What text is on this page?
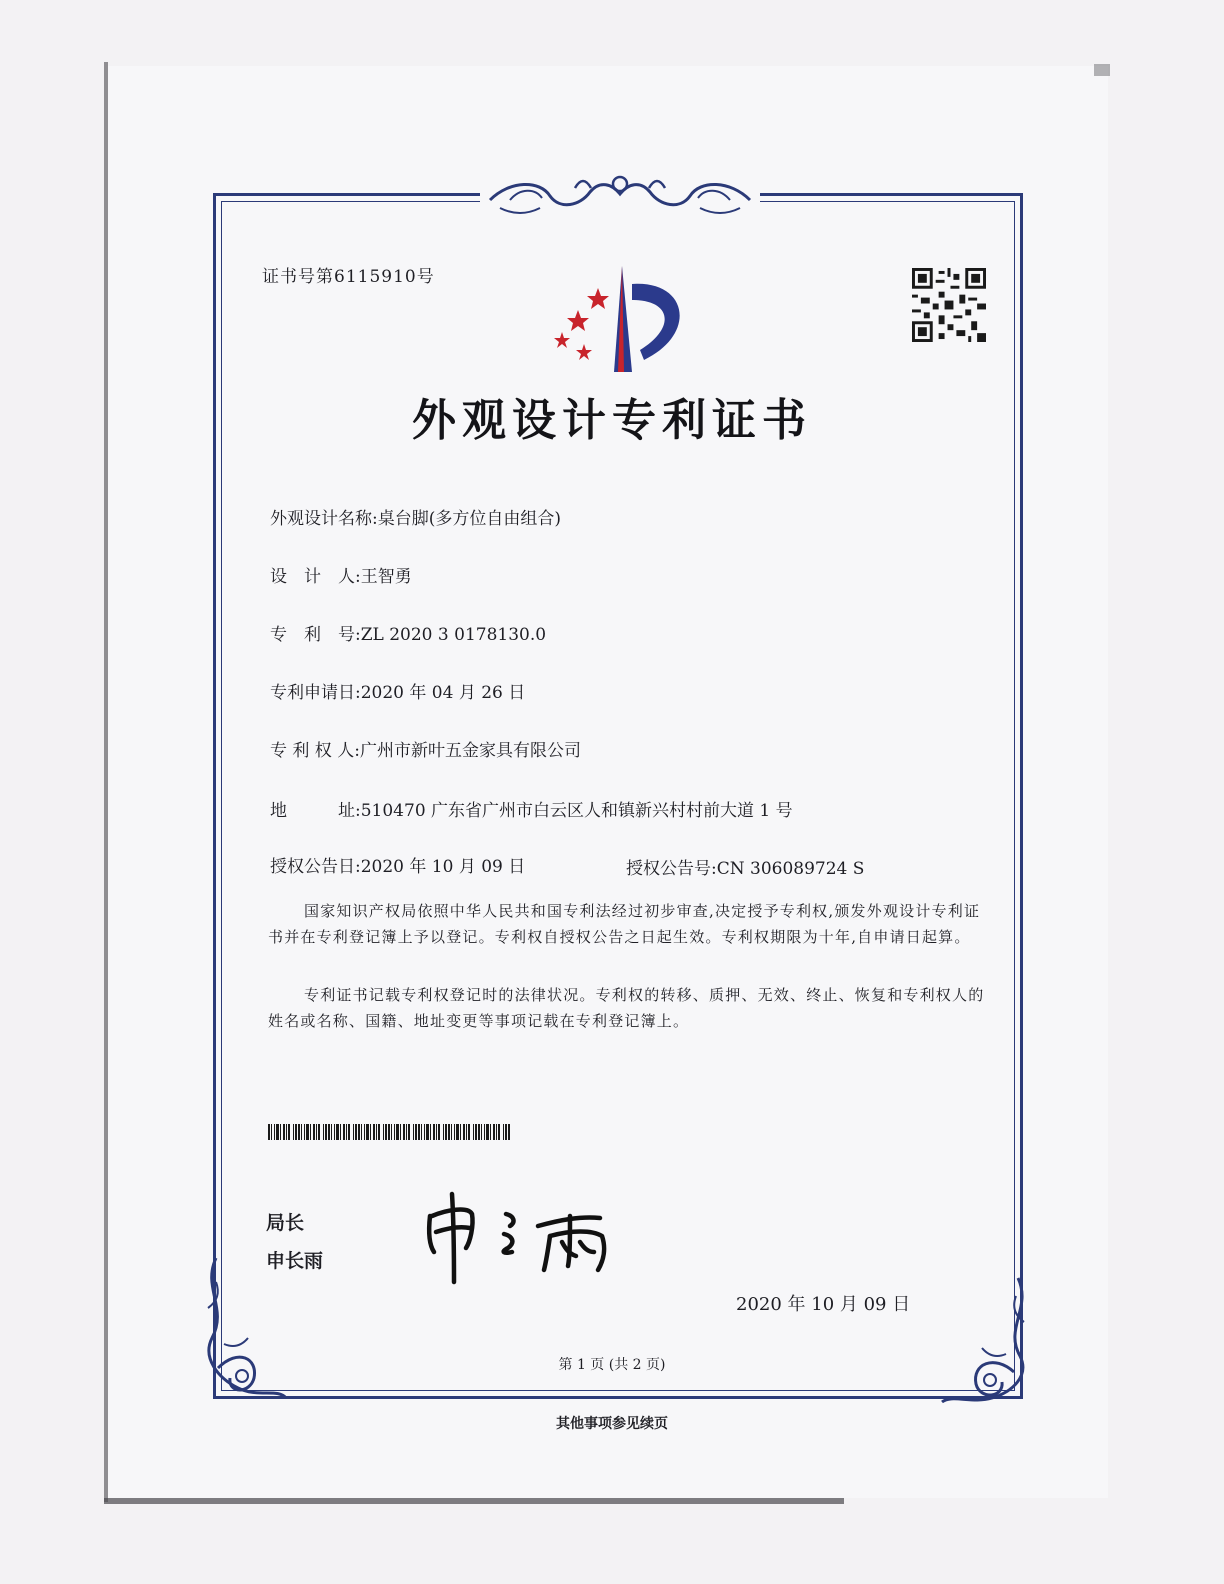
证书号第6115910号
外观设计专利证书
外观设计名称:桌台脚(多方位自由组合)
设　计　人:王智勇
专　利　号:ZL 2020 3 0178130.0
专利申请日:2020 年 04 月 26 日
专 利 权 人:广州市新叶五金家具有限公司
地　　　址:510470 广东省广州市白云区人和镇新兴村村前大道 1 号
授权公告日:2020 年 10 月 09 日	授权公告号:CN 306089724 S
国家知识产权局依照中华人民共和国专利法经过初步审查,决定授予专利权,颁发外观设计专利证书并在专利登记簿上予以登记。专利权自授权公告之日起生效。专利权期限为十年,自申请日起算。
专利证书记载专利权登记时的法律状况。专利权的转移、质押、无效、终止、恢复和专利权人的姓名或名称、国籍、地址变更等事项记载在专利登记簿上。
局长
申长雨
2020 年 10 月 09 日
第 1 页 (共 2 页)
其他事项参见续页
